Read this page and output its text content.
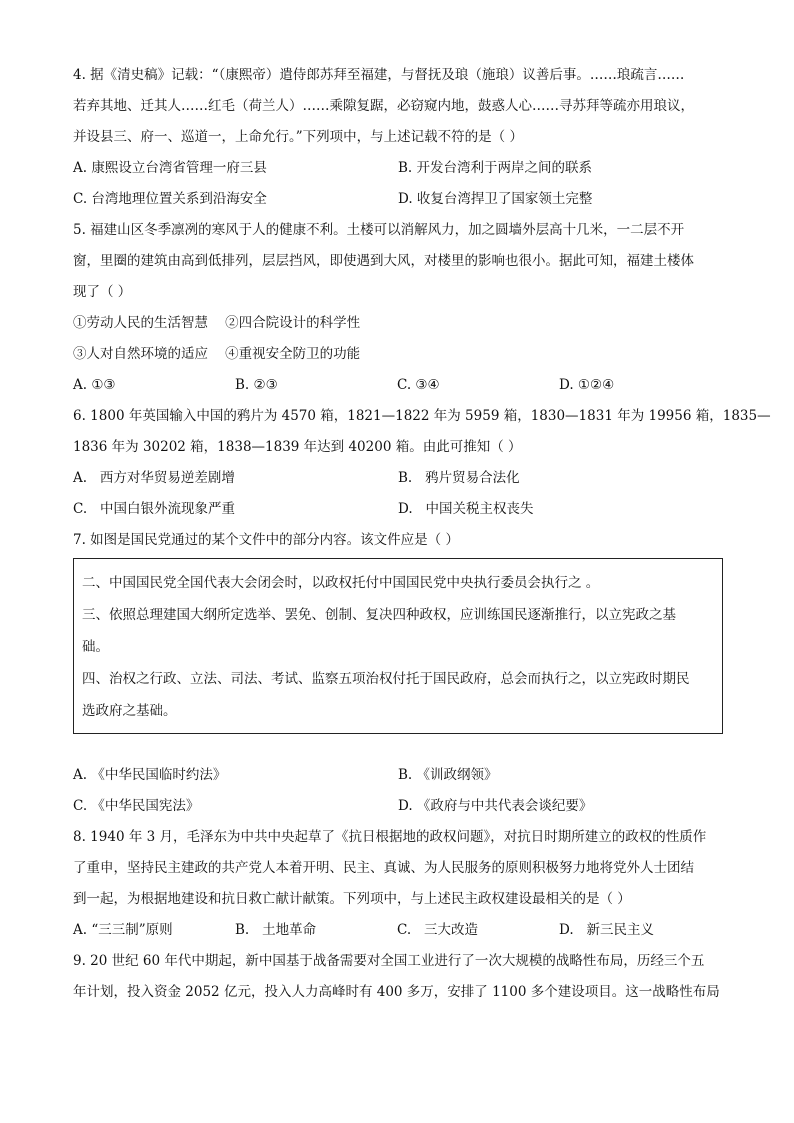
4. 据《清史稿》记载：“（康熙帝）遣侍郎苏拜至福建，与督抚及琅（施琅）议善后事。……琅疏言……
若弃其地、迁其人……红毛（荷兰人）……乘隙复踞，必窃窥内地，鼓惑人心……寻苏拜等疏亦用琅议，
并设县三、府一、巡道一，上命允行。”下列项中，与上述记载不符的是（ ）
A. 康熙设立台湾省管理一府三县	B. 开发台湾利于两岸之间的联系
C. 台湾地理位置关系到沿海安全	D. 收复台湾捍卫了国家领土完整
5. 福建山区冬季凛冽的寒风于人的健康不利。土楼可以消解风力，加之圆墙外层高十几米，一二层不开
窗，里圈的建筑由高到低排列，层层挡风，即使遇到大风，对楼里的影响也很小。据此可知，福建土楼体
现了（ ）
①劳动人民的生活智慧    ②四合院设计的科学性
③人对自然环境的适应    ④重视安全防卫的功能
A. ①③	B. ②③	C. ③④	D. ①②④
6. 1800 年英国输入中国的鸦片为 4570 箱，1821—1822 年为 5959 箱，1830—1831 年为 19956 箱，1835—
1836 年为 30202 箱，1838—1839 年达到 40200 箱。由此可推知（ ）
A.   西方对华贸易逆差剧增	B.   鸦片贸易合法化
C.   中国白银外流现象严重	D.   中国关税主权丧失
7. 如图是国民党通过的某个文件中的部分内容。该文件应是（ ）
二、中国国民党全国代表大会闭会时，以政权托付中国国民党中央执行委员会执行之 。
三、依照总理建国大纲所定选举、罢免、创制、复决四种政权，应训练国民逐渐推行，以立宪政之基
础。
四、治权之行政、立法、司法、考试、监察五项治权付托于国民政府，总会而执行之，以立宪政时期民
选政府之基础。
A. 《中华民国临时约法》	B. 《训政纲领》
C. 《中华民国宪法》	D. 《政府与中共代表会谈纪要》
8. 1940 年 3 月，毛泽东为中共中央起草了《抗日根据地的政权问题》，对抗日时期所建立的政权的性质作
了重申，坚持民主建政的共产党人本着开明、民主、真诚、为人民服务的原则积极努力地将党外人士团结
到一起，为根据地建设和抗日救亡献计献策。下列项中，与上述民主政权建设最相关的是（ ）
A. “三三制”原则	B.   土地革命	C.   三大改造	D.   新三民主义
9. 20 世纪 60 年代中期起，新中国基于战备需要对全国工业进行了一次大规模的战略性布局，历经三个五
年计划，投入资金 2052 亿元，投入人力高峰时有 400 多万，安排了 1100 多个建设项目。这一战略性布局
